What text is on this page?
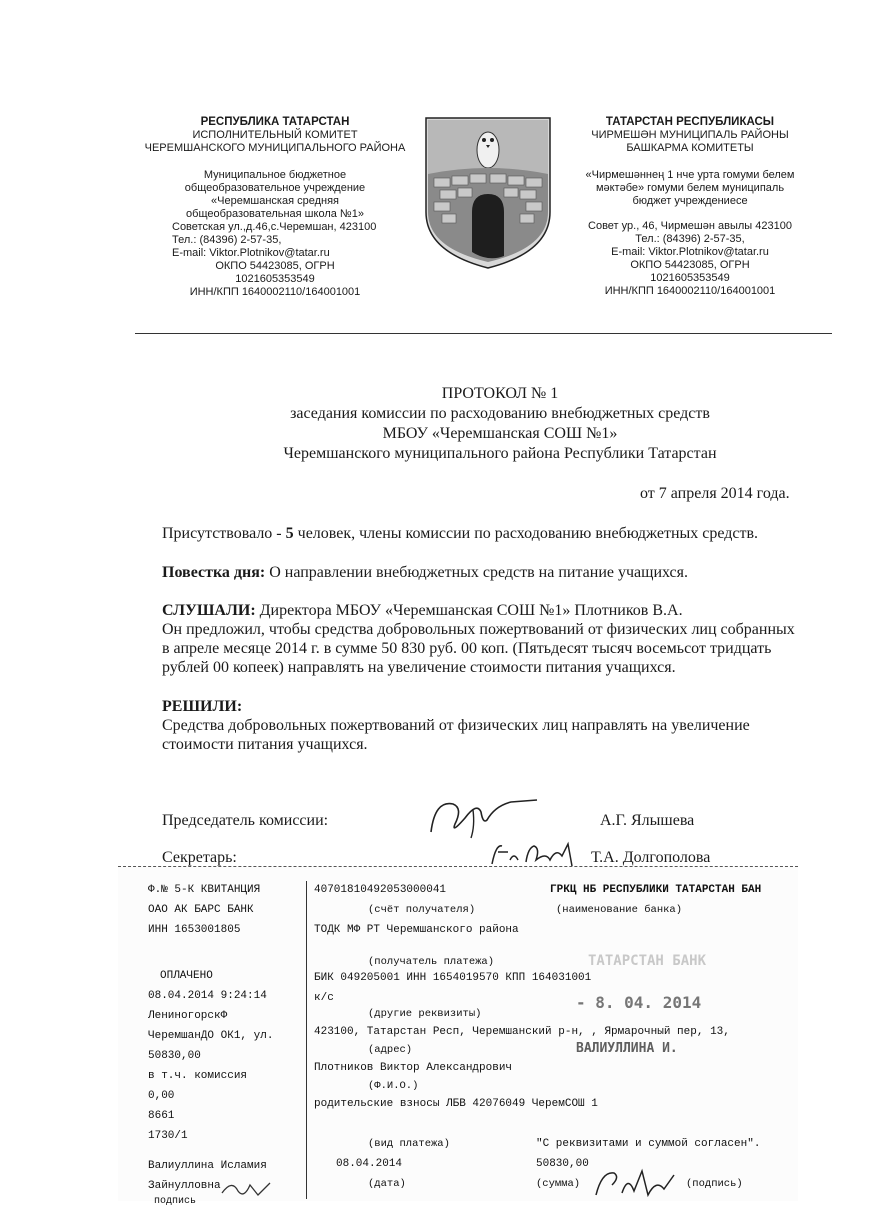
РЕСПУБЛИКА ТАТАРСТАН
ИСПОЛНИТЕЛЬНЫЙ КОМИТЕТ
ЧЕРЕМШАНСКОГО МУНИЦИПАЛЬНОГО РАЙОНА
Муниципальное бюджетное
общеобразовательное учреждение
«Черемшанская средняя
общеобразовательная школа №1»
Советская ул.,д.46,с.Черемшан, 423100
Тел.: (84396) 2-57-35,
E-mail: Viktor.Plotnikov@tatar.ru
ОКПО 54423085, ОГРН
1021605353549
ИНН/КПП 1640002110/164001001
ТАТАРСТАН РЕСПУБЛИКАСЫ
ЧИРМЕШӘН МУНИЦИПАЛЬ РАЙОНЫ
БАШКАРМА КОМИТЕТЫ
«Чирмешәннең 1 нче урта гомуми белем
мәктәбе» гомуми белем муниципаль
бюджет учреждениесе
Совет ур., 46, Чирмешән авылы 423100
Тел.: (84396) 2-57-35,
E-mail: Viktor.Plotnikov@tatar.ru
ОКПО 54423085, ОГРН
1021605353549
ИНН/КПП 1640002110/164001001
ПРОТОКОЛ № 1
заседания комиссии по расходованию внебюджетных средств
МБОУ «Черемшанская СОШ №1»
Черемшанского муниципального района Республики Татарстан
от 7 апреля 2014 года.
Присутствовало - 5 человек, члены комиссии по расходованию внебюджетных средств.
Повестка дня: О направлении внебюджетных средств на питание учащихся.
СЛУШАЛИ: Директора МБОУ «Черемшанская СОШ №1» Плотников В.А.
Он предложил, чтобы средства добровольных пожертвований от физических лиц собранных
в апреле месяце 2014 г. в сумме 50 830 руб. 00 коп. (Пятьдесят тысяч восемьсот тридцать
рублей 00 копеек) направлять на увеличение стоимости питания учащихся.
РЕШИЛИ:
Средства добровольных пожертвований от физических лиц направлять на увеличение
стоимости питания учащихся.
Председатель комиссии:	А.Г. Ялышева
Секретарь:	Т.А. Долгополова
Ф.№ 5-К КВИТАНЦИЯ
ОАО АК БАРС БАНК
ИНН 1653001805
ОПЛАЧЕНО
08.04.2014 9:24:14
ЛениногорскФ
ЧеремшанДО ОК1, ул.
50830,00
в т.ч. комиссия
0,00
8661
1730/1
Валиуллина Исламия
Зайнулловна
подпись
40701810492053000041	ГРКЦ НБ РЕСПУБЛИКИ ТАТАРСТАН БАН
(счёт получателя)	(наименование банка)
ТОДК МФ РТ Черемшанского района
(получатель платежа)
БИК 049205001 ИНН 1654019570 КПП 164031001
к/с
(другие реквизиты)
423100, Татарстан Респ, Черемшанский р-н, , Ярмарочный пер, 13,
(адрес)
Плотников Виктор Александрович
(Ф.И.О.)
родительские взносы ЛБВ 42076049 ЧеремСОШ 1
(вид платежа)	"С реквизитами и суммой согласен".
08.04.2014	50830,00
(дата)	(сумма)	(подпись)
ТАТАРСТАН БАНК
- 8. 04. 2014
ВАЛИУЛЛИНА И.
